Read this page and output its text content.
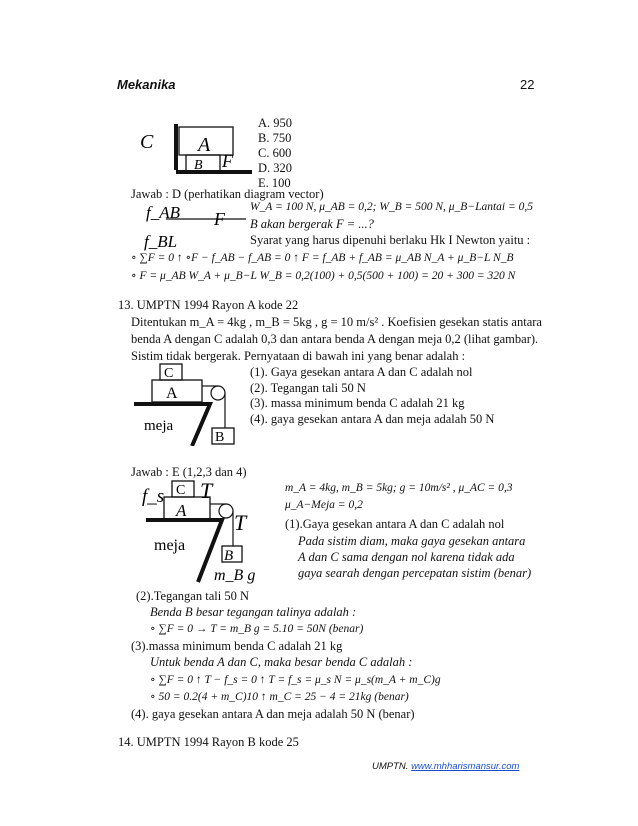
Mekanika	22
C A
B F
A. 950
B. 750
C. 600
D. 320
E. 100
Jawab : D (perhatikan diagram vector)
f_AB F
f_BL
W_A = 100 N, μ_AB = 0,2; W_B = 500 N, μ_B−Lantai = 0,5
B akan bergerak F = ...?
Syarat yang harus dipenuhi berlaku Hk I Newton yaitu :
∘ ∑F = 0 ↑ ∘F − f_AB − f_AB = 0 ↑ F = f_AB + f_AB = μ_AB N_A + μ_B−L N_B
∘ F = μ_AB W_A + μ_B−L W_B = 0,2(100) + 0,5(500 + 100) = 20 + 300 = 320 N
13. UMPTN 1994 Rayon A kode 22
Ditentukan m_A = 4kg , m_B = 5kg , g = 10 m/s² . Koefisien gesekan statis antara
benda A dengan C adalah 0,3 dan antara benda A dengan meja 0,2 (lihat gambar).
Sistim tidak bergerak. Pernyataan di bawah ini yang benar adalah :
C
A
B
meja
(1). Gaya gesekan antara A dan C adalah nol
(2). Tegangan tali 50 N
(3). massa minimum benda C adalah 21 kg
(4). gaya gesekan antara A dan meja adalah 50 N
Jawab : E (1,2,3 dan 4)
m_A = 4kg, m_B = 5kg; g = 10m/s² , μ_AC = 0,3
μ_A−Meja = 0,2
f_s C T
A T
meja
B
m_B g
(1).Gaya gesekan antara A dan C adalah nol
Pada sistim diam, maka gaya gesekan antara
A dan C sama dengan nol karena tidak ada
gaya searah dengan percepatan sistim (benar)
(2).Tegangan tali 50 N
Benda B besar tegangan talinya adalah :
∘ ∑F = 0 → T = m_B g = 5.10 = 50N (benar)
(3).massa minimum benda C adalah 21 kg
Untuk benda A dan C, maka besar benda C adalah :
∘ ∑F = 0 ↑ T − f_s = 0 ↑ T = f_s = μ_s N = μ_s(m_A + m_C)g
∘ 50 = 0.2(4 + m_C)10 ↑ m_C = 25 − 4 = 21kg (benar)
(4). gaya gesekan antara A dan meja adalah 50 N (benar)
14. UMPTN 1994 Rayon B kode 25
UMPTN. www.mhharismansur.com
